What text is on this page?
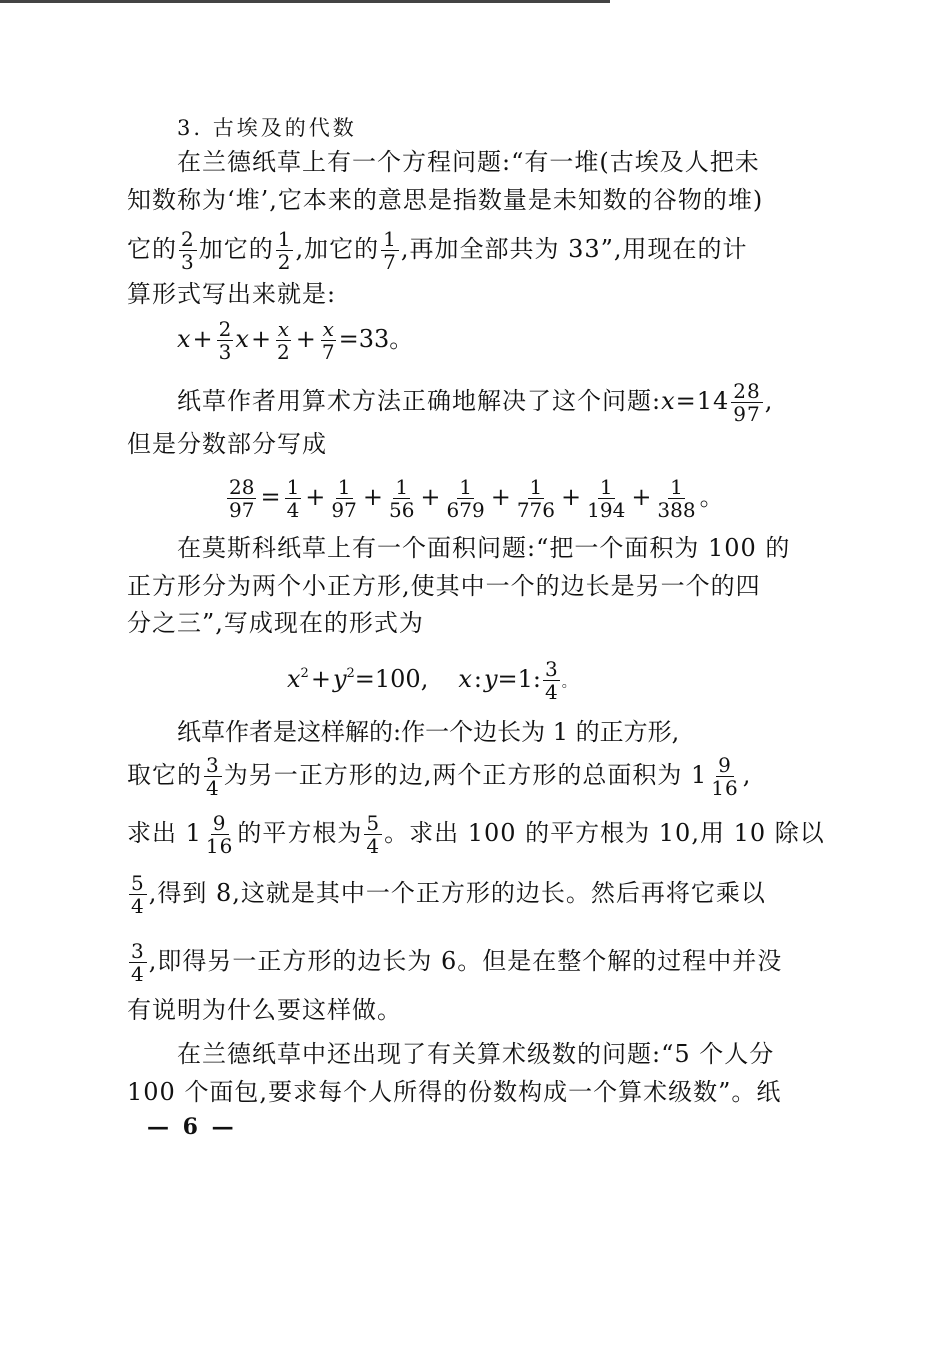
3. 古埃及的代数
在兰德纸草上有一个方程问题:“有一堆(古埃及人把未
知数称为‘堆’,它本来的意思是指数量是未知数的谷物的堆)
它的 $\frac{2}{3}$ 加它的 $\frac{1}{2}$ ,加它的 $\frac{1}{7}$ ,再加全部共为 33”,用现在的计
算形式写出来就是:
$x+ \frac{2}{3} x+ \frac{x}{2} + \frac{x}{7} =33$。
纸草作者用算术方法正确地解决了这个问题:x=14 $\frac{28}{97}$ ,
但是分数部分写成
$\frac{28}{97} = \frac{1}{4} + \frac{1}{97} + \frac{1}{56} + \frac{1}{679} + \frac{1}{776} + \frac{1}{194} + \frac{1}{388}$ 。
在莫斯科纸草上有一个面积问题:“把一个面积为 100 的
正方形分为两个小正方形,使其中一个的边长是另一个的四
分之三”,写成现在的形式为
$x^2+y^2=100$, x:y=1: $\frac{3}{4}$ 。
纸草作者是这样解的:作一个边长为 1 的正方形,
取它的 $\frac{3}{4}$ 为另一正方形的边,两个正方形的总面积为 $1 \frac{9}{16}$ ,
求出 $1 \frac{9}{16}$ 的平方根为 $\frac{5}{4}$ 。求出 100 的平方根为 10,用 10 除以
$\frac{5}{4}$ ,得到 8,这就是其中一个正方形的边长。然后再将它乘以
$\frac{3}{4}$ ,即得另一正方形的边长为 6。但是在整个解的过程中并没
有说明为什么要这样做。
在兰德纸草中还出现了有关算术级数的问题:“5 个人分
100 个面包,要求每个人所得的份数构成一个算术级数”。纸
— 6 —
